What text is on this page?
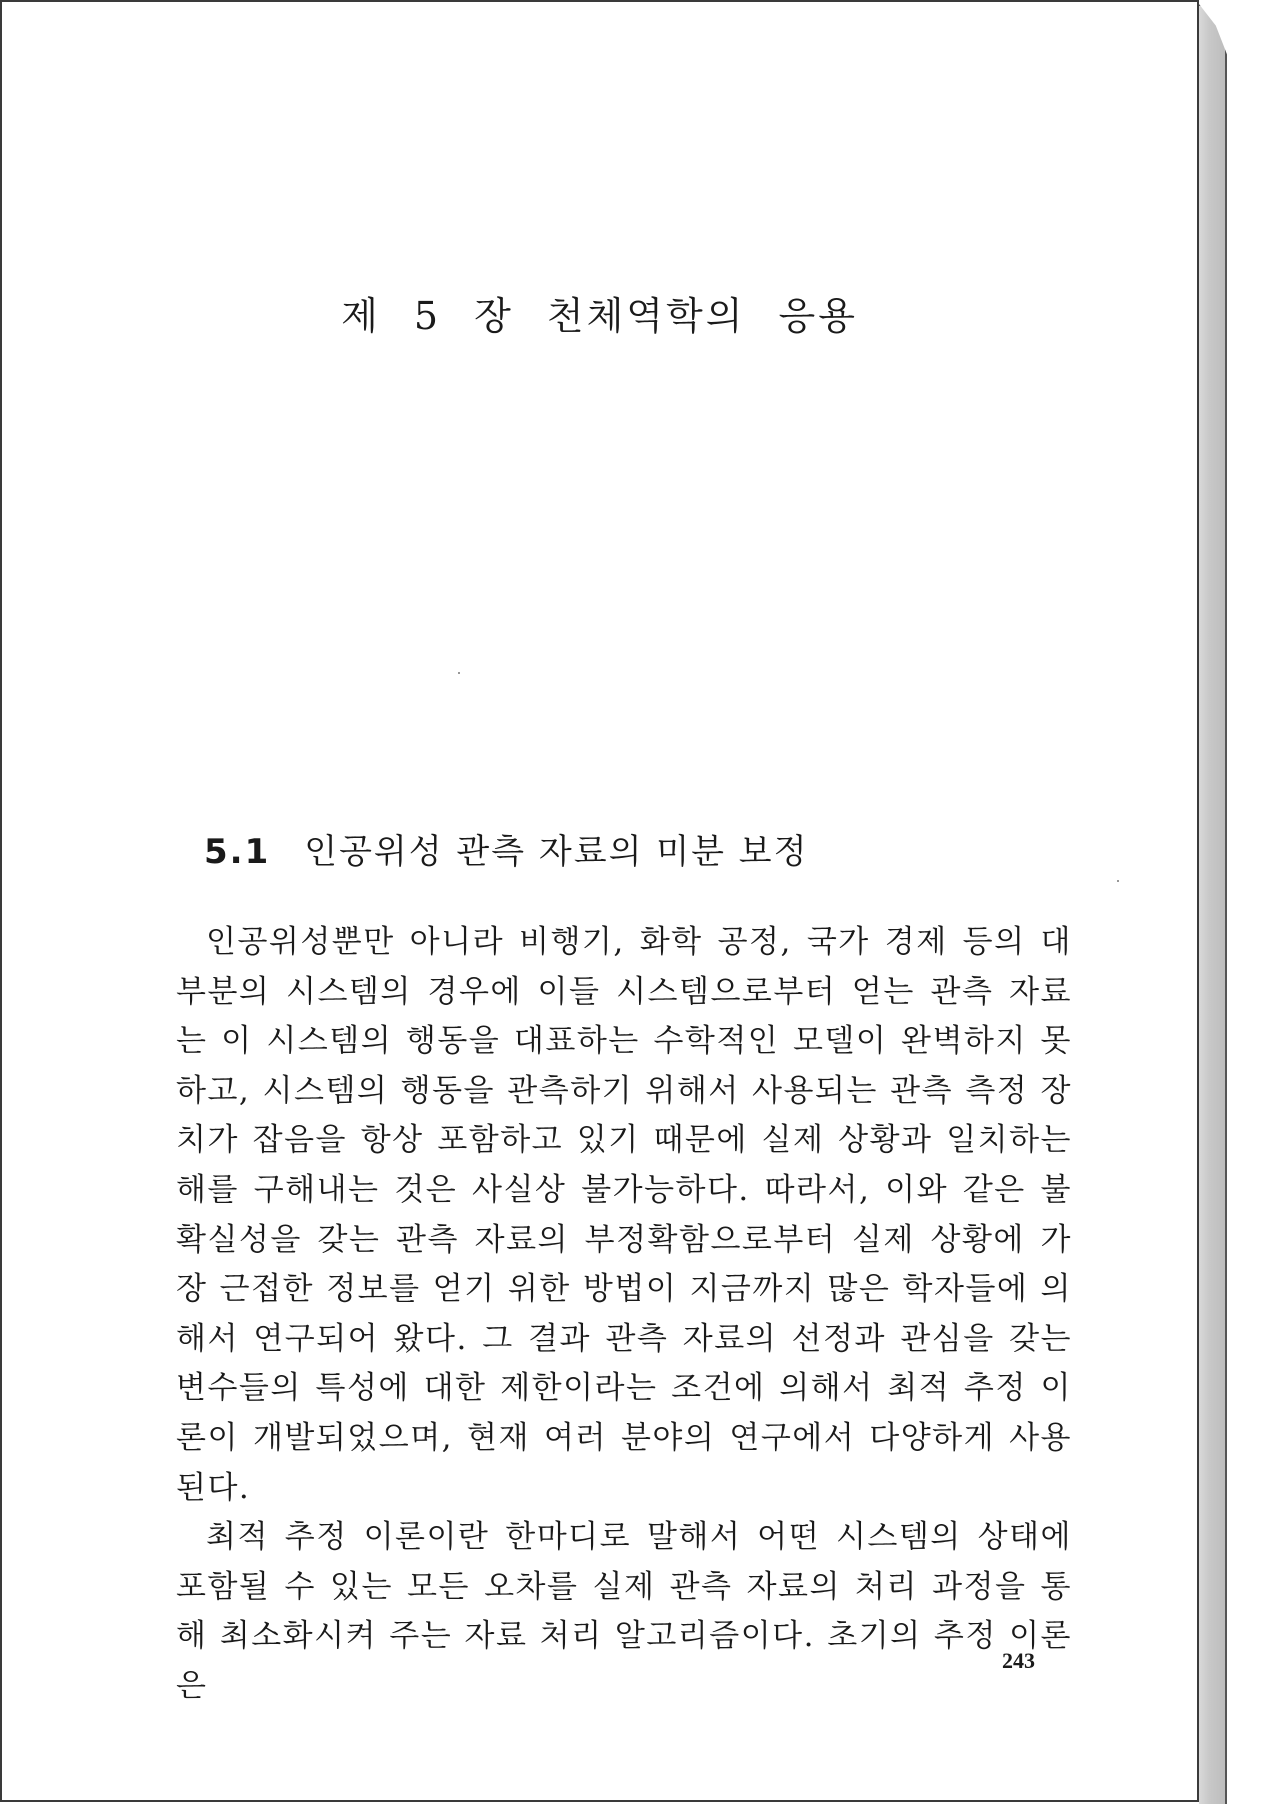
제 5 장 천체역학의 응용
5.1 인공위성 관측 자료의 미분 보정

인공위성뿐만 아니라 비행기, 화학 공정, 국가 경제 등의 대부분의 시스템의 경우에 이들 시스템으로부터 얻는 관측 자료는 이 시스템의 행동을 대표하는 수학적인 모델이 완벽하지 못하고, 시스템의 행동을 관측하기 위해서 사용되는 관측 측정 장치가 잡음을 항상 포함하고 있기 때문에 실제 상황과 일치하는 해를 구해내는 것은 사실상 불가능하다. 따라서, 이와 같은 불확실성을 갖는 관측 자료의 부정확함으로부터 실제 상황에 가장 근접한 정보를 얻기 위한 방법이 지금까지 많은 학자들에 의해서 연구되어 왔다. 그 결과 관측 자료의 선정과 관심을 갖는 변수들의 특성에 대한 제한이라는 조건에 의해서 최적 추정 이론이 개발되었으며, 현재 여러 분야의 연구에서 다양하게 사용된다.

최적 추정 이론이란 한마디로 말해서 어떤 시스템의 상태에 포함될 수 있는 모든 오차를 실제 관측 자료의 처리 과정을 통해 최소화시켜 주는 자료 처리 알고리즘이다. 초기의 추정 이론은

243
